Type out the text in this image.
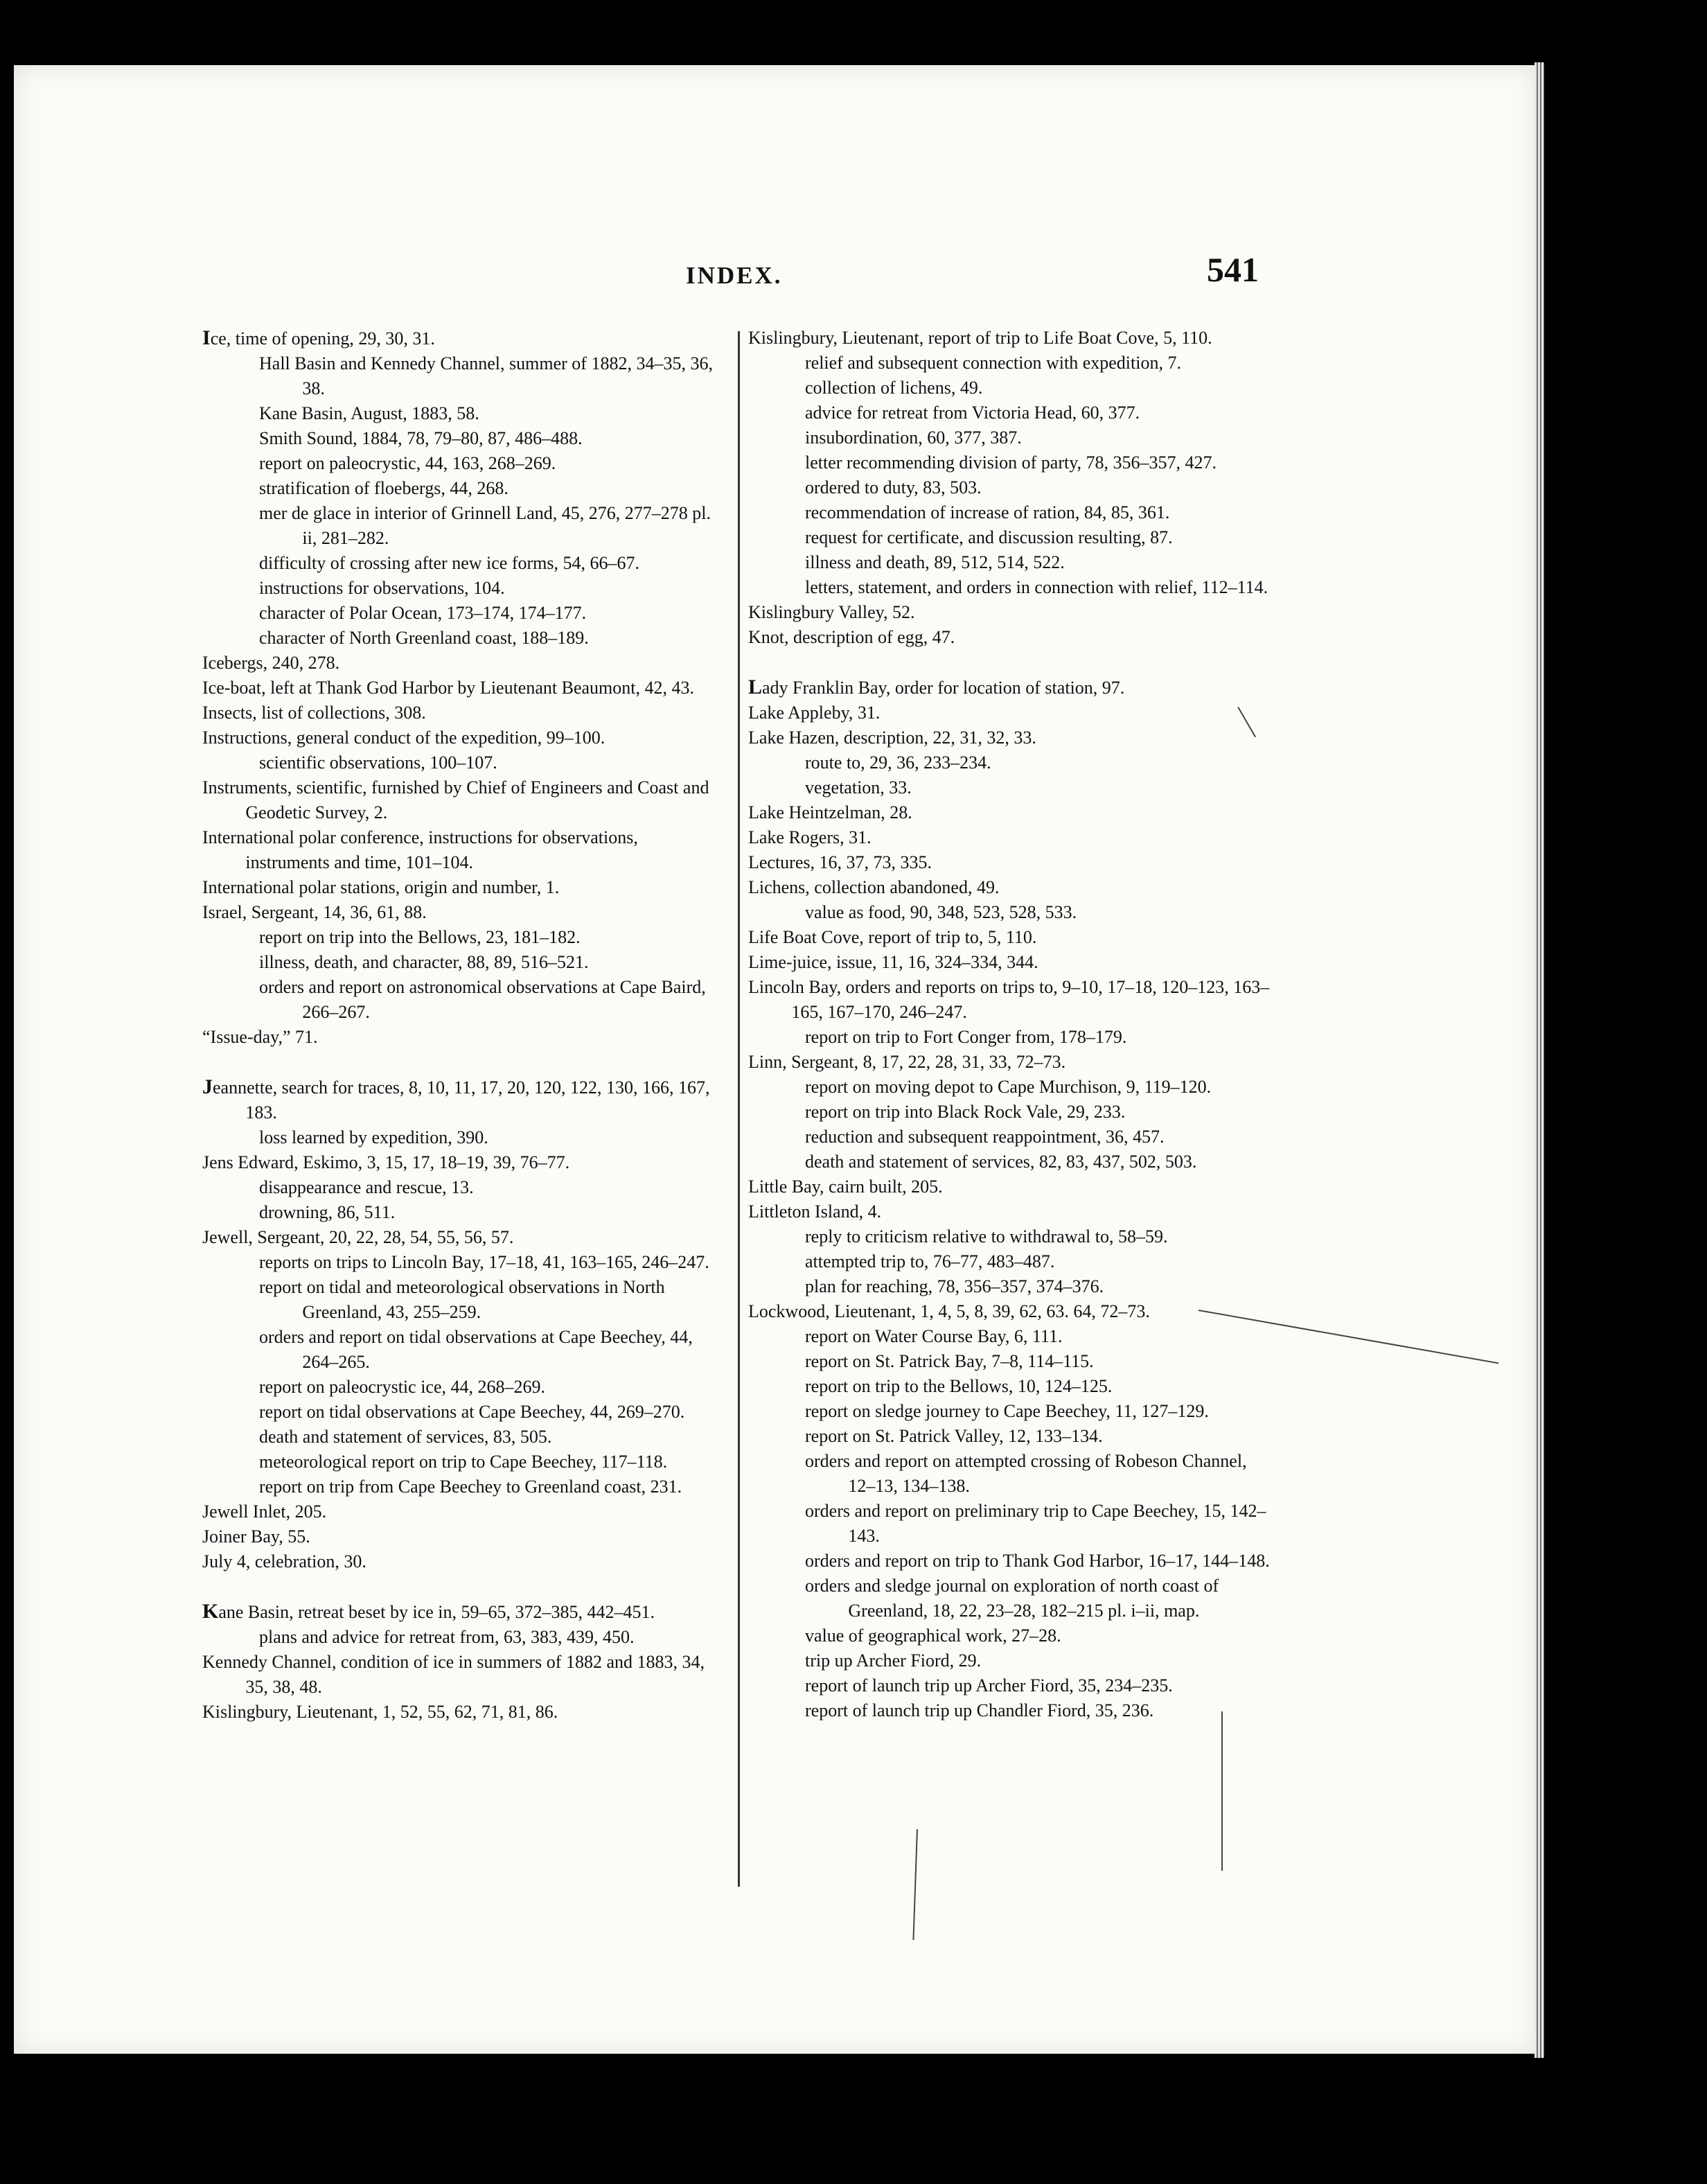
INDEX.	541
Ice, time of opening, 29, 30, 31.
Hall Basin and Kennedy Channel, summer of 1882, 34–35, 36, 38.
Kane Basin, August, 1883, 58.
Smith Sound, 1884, 78, 79–80, 87, 486–488.
report on paleocrystic, 44, 163, 268–269.
stratification of floebergs, 44, 268.
mer de glace in interior of Grinnell Land, 45, 276, 277–278 pl. ii, 281–282.
difficulty of crossing after new ice forms, 54, 66–67.
instructions for observations, 104.
character of Polar Ocean, 173–174, 174–177.
character of North Greenland coast, 188–189.
Icebergs, 240, 278.
Ice-boat, left at Thank God Harbor by Lieutenant Beaumont, 42, 43.
Insects, list of collections, 308.
Instructions, general conduct of the expedition, 99–100.
scientific observations, 100–107.
Instruments, scientific, furnished by Chief of Engineers and Coast and Geodetic Survey, 2.
International polar conference, instructions for observations, instruments and time, 101–104.
International polar stations, origin and number, 1.
Israel, Sergeant, 14, 36, 61, 88.
report on trip into the Bellows, 23, 181–182.
illness, death, and character, 88, 89, 516–521.
orders and report on astronomical observations at Cape Baird, 266–267.
“Issue-day,” 71.
Jeannette, search for traces, 8, 10, 11, 17, 20, 120, 122, 130, 166, 167, 183.
loss learned by expedition, 390.
Jens Edward, Eskimo, 3, 15, 17, 18–19, 39, 76–77.
disappearance and rescue, 13.
drowning, 86, 511.
Jewell, Sergeant, 20, 22, 28, 54, 55, 56, 57.
reports on trips to Lincoln Bay, 17–18, 41, 163–165, 246–247.
report on tidal and meteorological observations in North Greenland, 43, 255–259.
orders and report on tidal observations at Cape Beechey, 44, 264–265.
report on paleocrystic ice, 44, 268–269.
report on tidal observations at Cape Beechey, 44, 269–270.
death and statement of services, 83, 505.
meteorological report on trip to Cape Beechey, 117–118.
report on trip from Cape Beechey to Greenland coast, 231.
Jewell Inlet, 205.
Joiner Bay, 55.
July 4, celebration, 30.
Kane Basin, retreat beset by ice in, 59–65, 372–385, 442–451.
plans and advice for retreat from, 63, 383, 439, 450.
Kennedy Channel, condition of ice in summers of 1882 and 1883, 34, 35, 38, 48.
Kislingbury, Lieutenant, 1, 52, 55, 62, 71, 81, 86.
Kislingbury, Lieutenant, report of trip to Life Boat Cove, 5, 110.
relief and subsequent connection with expedition, 7.
collection of lichens, 49.
advice for retreat from Victoria Head, 60, 377.
insubordination, 60, 377, 387.
letter recommending division of party, 78, 356–357, 427.
ordered to duty, 83, 503.
recommendation of increase of ration, 84, 85, 361.
request for certificate, and discussion resulting, 87.
illness and death, 89, 512, 514, 522.
letters, statement, and orders in connection with relief, 112–114.
Kislingbury Valley, 52.
Knot, description of egg, 47.
Lady Franklin Bay, order for location of station, 97.
Lake Appleby, 31.
Lake Hazen, description, 22, 31, 32, 33.
route to, 29, 36, 233–234.
vegetation, 33.
Lake Heintzelman, 28.
Lake Rogers, 31.
Lectures, 16, 37, 73, 335.
Lichens, collection abandoned, 49.
value as food, 90, 348, 523, 528, 533.
Life Boat Cove, report of trip to, 5, 110.
Lime-juice, issue, 11, 16, 324–334, 344.
Lincoln Bay, orders and reports on trips to, 9–10, 17–18, 120–123, 163–165, 167–170, 246–247.
report on trip to Fort Conger from, 178–179.
Linn, Sergeant, 8, 17, 22, 28, 31, 33, 72–73.
report on moving depot to Cape Murchison, 9, 119–120.
report on trip into Black Rock Vale, 29, 233.
reduction and subsequent reappointment, 36, 457.
death and statement of services, 82, 83, 437, 502, 503.
Little Bay, cairn built, 205.
Littleton Island, 4.
reply to criticism relative to withdrawal to, 58–59.
attempted trip to, 76–77, 483–487.
plan for reaching, 78, 356–357, 374–376.
Lockwood, Lieutenant, 1, 4, 5, 8, 39, 62, 63. 64, 72–73.
report on Water Course Bay, 6, 111.
report on St. Patrick Bay, 7–8, 114–115.
report on trip to the Bellows, 10, 124–125.
report on sledge journey to Cape Beechey, 11, 127–129.
report on St. Patrick Valley, 12, 133–134.
orders and report on attempted crossing of Robeson Channel, 12–13, 134–138.
orders and report on preliminary trip to Cape Beechey, 15, 142–143.
orders and report on trip to Thank God Harbor, 16–17, 144–148.
orders and sledge journal on exploration of north coast of Greenland, 18, 22, 23–28, 182–215 pl. i–ii, map.
value of geographical work, 27–28.
trip up Archer Fiord, 29.
report of launch trip up Archer Fiord, 35, 234–235.
report of launch trip up Chandler Fiord, 35, 236.
